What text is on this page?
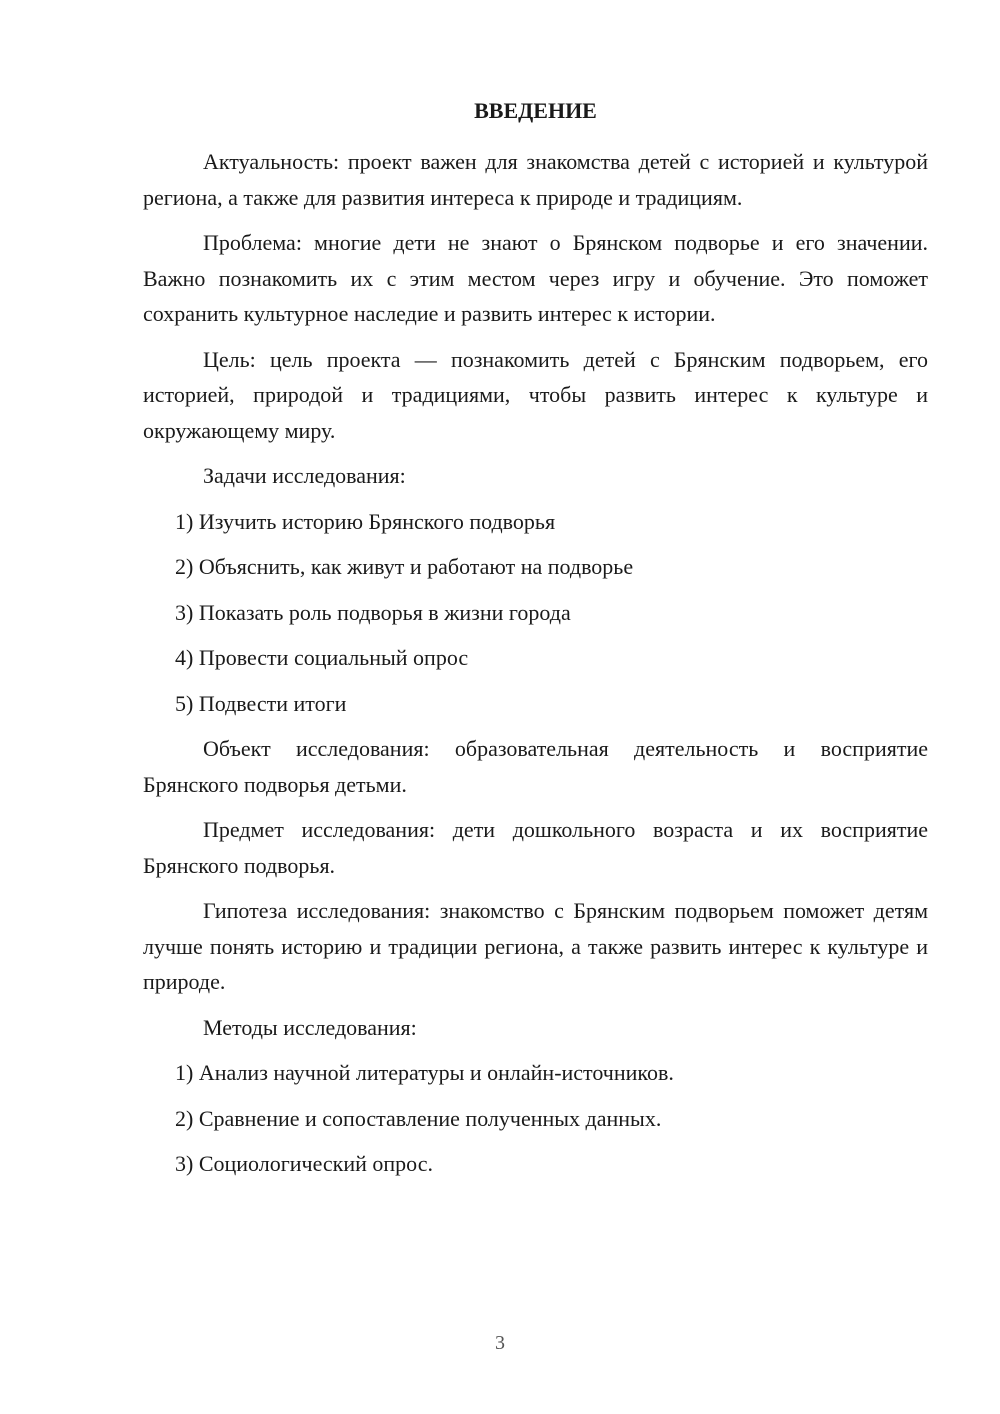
ВВЕДЕНИЕ

Актуальность: проект важен для знакомства детей с историей и культурой региона, а также для развития интереса к природе и традициям.

Проблема: многие дети не знают о Брянском подворье и его значении. Важно познакомить их с этим местом через игру и обучение. Это поможет сохранить культурное наследие и развить интерес к истории.

Цель: цель проекта — познакомить детей с Брянским подворьем, его историей, природой и традициями, чтобы развить интерес к культуре и окружающему миру.

Задачи исследования:

1) Изучить историю Брянского подворья
2) Объяснить, как живут и работают на подворье
3) Показать роль подворья в жизни города
4) Провести социальный опрос
5) Подвести итоги

Объект исследования: образовательная деятельность и восприятие Брянского подворья детьми.

Предмет исследования: дети дошкольного возраста и их восприятие Брянского подворья.

Гипотеза исследования: знакомство с Брянским подворьем поможет детям лучше понять историю и традиции региона, а также развить интерес к культуре и природе.

Методы исследования:

1) Анализ научной литературы и онлайн-источников.
2) Сравнение и сопоставление полученных данных.
3) Социологический опрос.
3
